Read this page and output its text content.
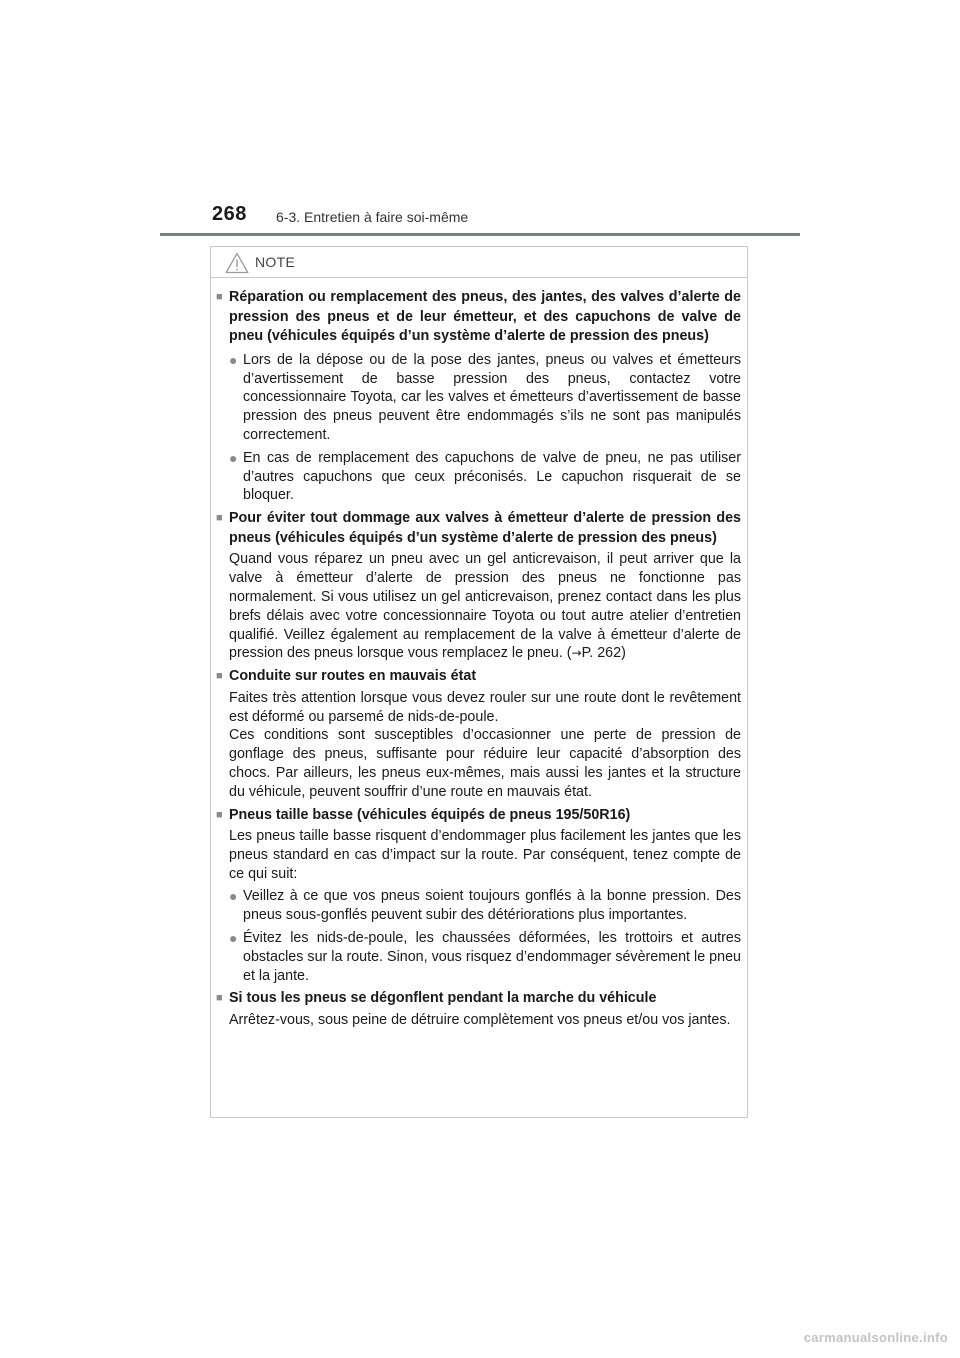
268 6-3. Entretien à faire soi-même
NOTE
■ Réparation ou remplacement des pneus, des jantes, des valves d’alerte de pression des pneus et de leur émetteur, et des capuchons de valve de pneu (véhicules équipés d’un système d’alerte de pression des pneus)
● Lors de la dépose ou de la pose des jantes, pneus ou valves et émetteurs d’avertissement de basse pression des pneus, contactez votre concessionnaire Toyota, car les valves et émetteurs d’avertissement de basse pression des pneus peuvent être endommagés s’ils ne sont pas manipulés correctement.
● En cas de remplacement des capuchons de valve de pneu, ne pas utiliser d’autres capuchons que ceux préconisés. Le capuchon risquerait de se bloquer.
■ Pour éviter tout dommage aux valves à émetteur d’alerte de pression des pneus (véhicules équipés d’un système d’alerte de pression des pneus)
Quand vous réparez un pneu avec un gel anticrevaison, il peut arriver que la valve à émetteur d’alerte de pression des pneus ne fonctionne pas normalement. Si vous utilisez un gel anticrevaison, prenez contact dans les plus brefs délais avec votre concessionnaire Toyota ou tout autre atelier d’entretien qualifié. Veillez également au remplacement de la valve à émetteur d’alerte de pression des pneus lorsque vous remplacez le pneu. (→P. 262)
■ Conduite sur routes en mauvais état
Faites très attention lorsque vous devez rouler sur une route dont le revêtement est déformé ou parsemé de nids-de-poule.
Ces conditions sont susceptibles d’occasionner une perte de pression de gonflage des pneus, suffisante pour réduire leur capacité d’absorption des chocs. Par ailleurs, les pneus eux-mêmes, mais aussi les jantes et la structure du véhicule, peuvent souffrir d’une route en mauvais état.
■ Pneus taille basse (véhicules équipés de pneus 195/50R16)
Les pneus taille basse risquent d’endommager plus facilement les jantes que les pneus standard en cas d’impact sur la route. Par conséquent, tenez compte de ce qui suit:
● Veillez à ce que vos pneus soient toujours gonflés à la bonne pression. Des pneus sous-gonflés peuvent subir des détériorations plus importantes.
● Évitez les nids-de-poule, les chaussées déformées, les trottoirs et autres obstacles sur la route. Sinon, vous risquez d’endommager sévèrement le pneu et la jante.
■ Si tous les pneus se dégonflent pendant la marche du véhicule
Arrêtez-vous, sous peine de détruire complètement vos pneus et/ou vos jantes.
carmanualsonline.info
